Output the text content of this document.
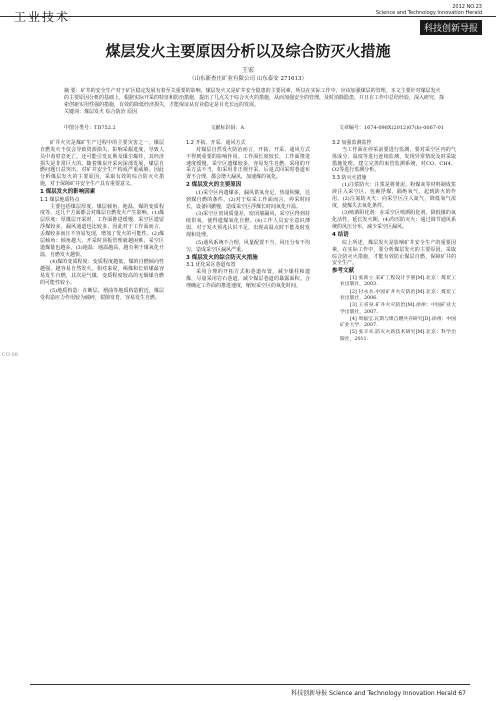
工业技术
2012 NO.23
Science and Technology Innovation Herald
科技创新导报
煤层发火主要原因分析以及综合防灭火措施
王宏
（山东新查庄矿业有限公司 山东泰安 271613）
摘 要：矿井的安全生产对于矿区稳定发展有着至关重要的影响，煤层发火又是矿井安全隐患的主要因素，所以在实际工作中，应该加强煤层的管理。本文主要针对煤层发火的主要原因分析的基础上，根据实际开采的特征和防治措施，提出了几点关于综合灭火的措施，从而加强安全的管理，及时消除隐患，并且在工作中总结经验，深入研究，探索创新实用性强的措施，有效的降低经济损失，才能保证从有业稳定是目光长远的发展。
关键词：煤层发火 综合防治 原因
中图分类号：TD752.2	文献标识码：A	文章编号：1674-098X(2012)07(b)-0067-01
CO 08

矿井火灾是煤矿生产过程中的主要灾害之一。煤层自燃发火不仅会导致资源损失，影响采掘进度，导致人员中毒窒息死亡，还可能引发瓦斯及煤尘爆炸，其经济损失是非常巨大的。随着煤炭开采向深部发展，煤层自燃问题日益突出，对矿井安全生产构成严重威胁。因此分析煤层发火的主要原因，采取有效的综合防灭火措施，对于保障矿井安全生产具有重要意义。

1 煤层发火的影响因素
1.1 煤层地质特点

主要包括煤层厚度、煤层倾角、地温、煤的变质程度等。这几个方面都会对煤层自燃发火产生影响。(1)煤层厚度：厚煤层开采时，工作面推进缓慢，采空区遗留浮煤较多，漏风通道也比较多，因此对于工作面而言，丢煤较多而且不容易发现，增加了发火的可能性。(2)煤层倾角：倾角越大，开采时顶板管理就越困难，采空区遗煤量也越多。(3)地温：地温越高，越有利于煤氧化升温，自燃发火越快。

(4)煤的变质程度：变质程度越低，煤的自燃倾向性越强，越容易自然发火。相对来说，褐煤和长焰煤最容易发生自燃，其次是气煤，变质程度较高的无烟煤自燃的可能性较小。

(5)地质构造：在断层、褶曲等地质构造附近，煤层受构造应力作用较为破碎，裂隙发育，容易发生自燃。

1.2 开拓、开采、通风方式

对煤层自然发火防治而言，开拓、开采、通风方式不得到重要的影响作用。工作面长度较长，工作面推进速度缓慢，采空区遗煤较多，容易发生自燃。采用的开采方法不当，如采用非正规开采、后退式回采时巷道布置不合理，都会增大漏风，加速煤的氧化。

2 煤层发火的主要原因

(1)采空区内遗煤多，漏风供氧充足，热量积聚，达到煤自燃的条件。(2)对于综采工作面而言，停采时间长，设备回撤慢，造成采空区浮煤长时间氧化升温。

(3)采空区密闭质量差，密闭墙漏风，采空区得到持续供氧，使得遗煤氧化自燃。(4)工作人员安全意识薄弱，对于发火预兆认识不足，出现高温点时不能及时发现和处理。

(5)通风系统不合理，风量配置不当，风压分布不均匀，造成采空区漏风严重。

3 煤层发火的综合防灭火措施
3.1 优化采区巷道布置

采用合理的开拓方式和巷道布置，减少煤柱和遗煤，尽量采用岩石巷道，减少煤层巷道的暴露面积。合理确定工作面的推进速度，缩短采空区的氧化时间。

3.2 加强监测监控

当工作面在停采前要进行监测，要对采空区内的气体成分、温度等进行连续监测，发现异常情况及时采取措施处理。建立完善的束管监测系统，对CO、CH4、O2等进行监测分析。

3.3 防灭火措施

(1)注浆防火：注浆是将黄泥、粉煤灰等材料制成浆液注入采空区，包裹浮煤，隔绝氧气，起到防火的作用。(2)注氮防灭火：向采空区注入氮气，降低氧气浓度，使煤失去氧化条件。

(3)喷洒阻化剂：在采空区喷洒阻化剂，降低煤的氧化活性，延长发火期。(4)均压防灭火：通过调节通风系统的风压分布，减少采空区漏风。

4 结语

综上所述，煤层发火是影响矿井安全生产的重要因素。在实际工作中，要分析煤层发火的主要原因，采取综合防灭火措施，才能有效防止煤层自燃，保障矿井的安全生产。

参考文献

[1] 张新立.采矿工程设计手册[M].北京：煤炭工业出版社，2003.

[2] 付永水.中国矿井火灾防治[M].北京：煤炭工业出版社，2006.

[3] 王省身.矿井火灾防治[M].徐州：中国矿业大学出版社，2007.

[4] 周福宝.瓦斯与煤自燃共存研究[D].徐州：中国矿业大学，2007.

[5] 张辛亥.防灭火新技术研究[M].北京：科学出版社，2011.

科技创新导报 Science and Technology Innovation Herald 67
